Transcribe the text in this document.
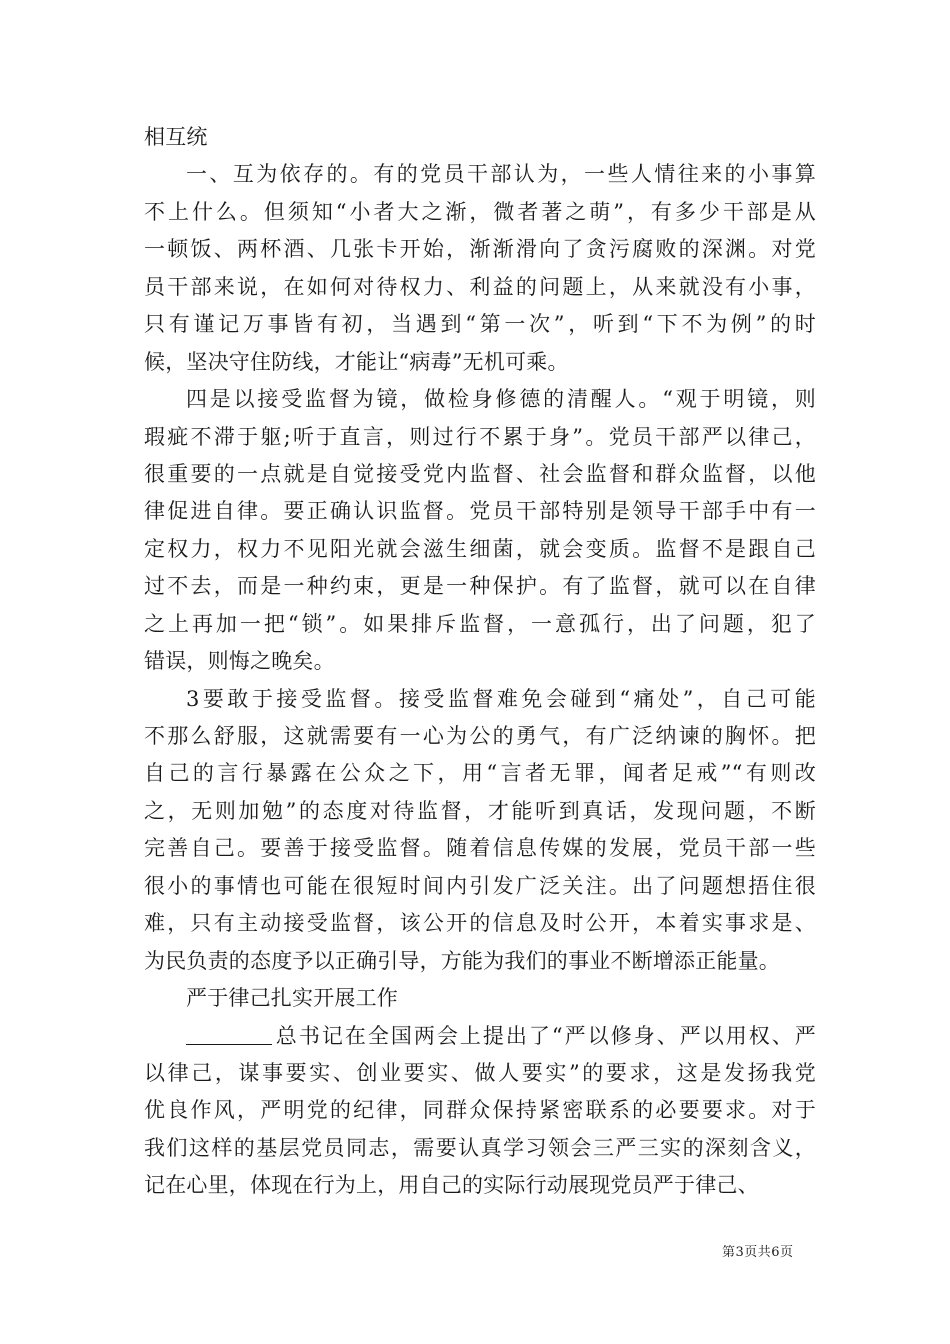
相互统
一、互为依存的。有的党员干部认为，一些人情往来的小事算
不上什么。但须知“小者大之渐，微者著之萌”，有多少干部是从
一顿饭、两杯酒、几张卡开始，渐渐滑向了贪污腐败的深渊。对党
员干部来说，在如何对待权力、利益的问题上，从来就没有小事，
只有谨记万事皆有初，当遇到“第一次”，听到“下不为例”的时
候，坚决守住防线，才能让“病毒”无机可乘。
四是以接受监督为镜，做检身修德的清醒人。“观于明镜，则
瑕疵不滞于躯;听于直言，则过行不累于身”。党员干部严以律己，
很重要的一点就是自觉接受党内监督、社会监督和群众监督，以他
律促进自律。要正确认识监督。党员干部特别是领导干部手中有一
定权力，权力不见阳光就会滋生细菌，就会变质。监督不是跟自己
过不去，而是一种约束，更是一种保护。有了监督，就可以在自律
之上再加一把“锁”。如果排斥监督，一意孤行，出了问题，犯了
错误，则悔之晚矣。
3要敢于接受监督。接受监督难免会碰到“痛处”，自己可能
不那么舒服，这就需要有一心为公的勇气，有广泛纳谏的胸怀。把
自己的言行暴露在公众之下，用“言者无罪，闻者足戒”“有则改
之，无则加勉”的态度对待监督，才能听到真话，发现问题，不断
完善自己。要善于接受监督。随着信息传媒的发展，党员干部一些
很小的事情也可能在很短时间内引发广泛关注。出了问题想捂住很
难，只有主动接受监督，该公开的信息及时公开，本着实事求是、
为民负责的态度予以正确引导，方能为我们的事业不断增添正能量。
严于律己扎实开展工作
总书记在全国两会上提出了“严以修身、严以用权、严
以律己，谋事要实、创业要实、做人要实”的要求，这是发扬我党
优良作风，严明党的纪律，同群众保持紧密联系的必要要求。对于
我们这样的基层党员同志，需要认真学习领会三严三实的深刻含义，
记在心里，体现在行为上，用自己的实际行动展现党员严于律己、
第3页共6页
